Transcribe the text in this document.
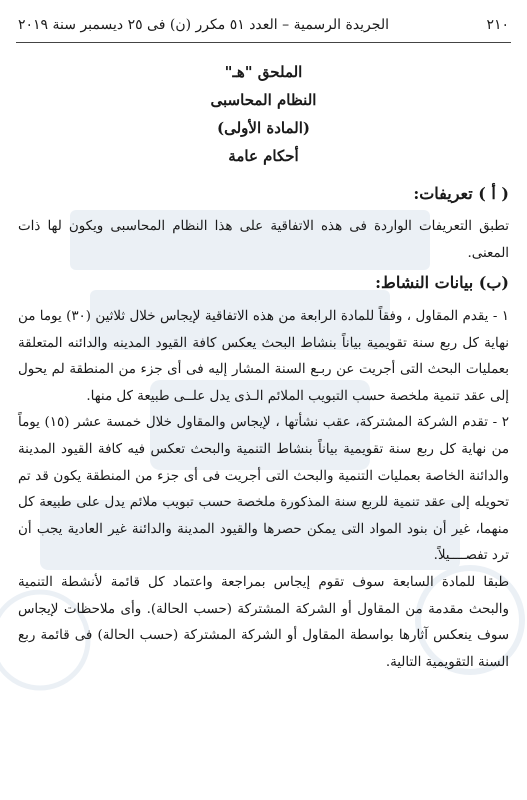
٢١٠
الجريدة الرسمية – العدد ٥١ مكرر (ن) فى ٢٥ ديسمبر سنة ٢٠١٩
الملحق "هـ"
النظام المحاسبى
(المادة الأولى)
أحكام عامة
( أ ) تعريفات:

تطبق التعريفات الواردة فى هذه الاتفاقية على هذا النظام المحاسبى ويكون لها ذات المعنى.

(ب) بيانات النشاط:

١ - يقدم المقاول ، وفقاً للمادة الرابعة من هذه الاتفاقية لإيجاس خلال ثلاثين (٣٠) يوما من نهاية كل ربع سنة تقويمية بياناً بنشاط البحث يعكس كافة القيود المدينه والدائنه المتعلقة بعمليات البحث التى أجريت عن ربـع السنة المشار إليه فى أى جزء من المنطقة لم يحول إلى عقد تنمية ملخصة حسب التبويب الملائم الـذى يدل علــى طبيعة كل منها.

٢ - تقدم الشركة المشتركة، عقب نشأتها ، لإيجاس والمقاول خلال خمسة عشر (١٥) يوماً من نهاية كل ربع سنة تقويمية بياناً بنشاط التنمية والبحث تعكس فيه كافة القيود المدينة والدائنة الخاصة بعمليات التنمية والبحث التى أجريت فى أى جزء من المنطقة يكون قد تم تحويله إلى عقد تنمية للربع سنة المذكورة ملخصة حسب تبويب ملائم يدل على طبيعة كل منهما، غير أن بنود المواد التى يمكن حصرها والقيود المدينة والدائنة غير العادية يجب أن ترد تفصــــيلاً.

طبقا للمادة السابعة سوف تقوم إيجاس بمراجعة واعتماد كل قائمة لأنشطة التنمية والبحث مقدمة من المقاول أو الشركة المشتركة (حسب الحالة). وأى ملاحظات لإيجاس سوف ينعكس آثارها بواسطة المقاول أو الشركة المشتركة (حسب الحالة) فى قائمة ربع السنة التقويمية التالية.
